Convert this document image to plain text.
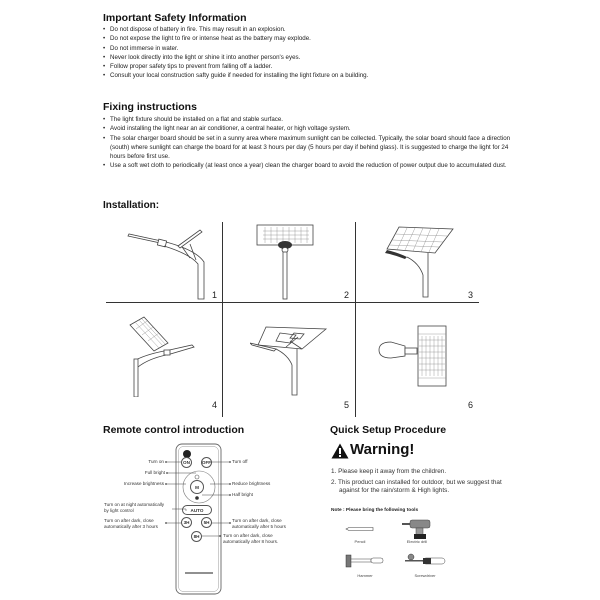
Important Safety Information
• Do not dispose of battery in fire. This may result in an explosion.
• Do not expose the light to fire or intense heat as the battery may explode.
• Do not immerse in water.
• Never look directly into the light or shine it into another person's eyes.
• Follow proper safety tips to prevent from falling off a ladder.
• Consult your local construction safty guide if needed for installing the light fixture on a building.
Fixing instructions
• The light fixture should be installed on a flat and stable surface.
• Avoid installing the light near an air conditioner, a central heater, or high voltage system.
• The solar charger board should be set in a sunny area where maximum sunlight can be collected. Typically, the solar board should face a direction (south) where sunlight can charge the board for at least 3 hours per day (5 hours per day if behind glass). It is suggested to charge the light for 24 hours before first use.
• Use a soft wet cloth to periodically (at least once a year) clean the charger board to avoid the reduction of power output due to accumulated dust.
Installation:
1	2	3
4	5	6
Remote control introduction
ON	OFF
M
AUTO
3H	5H
8H
Turn on	Turn off
Full bright
Increase brightness	Reduce brightness
Half bright
Turn on at night automatically by light control
Turn on after dark, close automatically after 3 hours
Turn on after dark, close automatically after 5 hours
Turn on after dark, close automatically after 8 hours.
Quick Setup Procedure
Warning!
1. Please keep it away from the children.
2. This product can installed for outdoor, but we suggest that against for the rain/storm & High lights.
Note : Please bring the following tools
Pencil	Electric drill
Hammer	Screwdriver
